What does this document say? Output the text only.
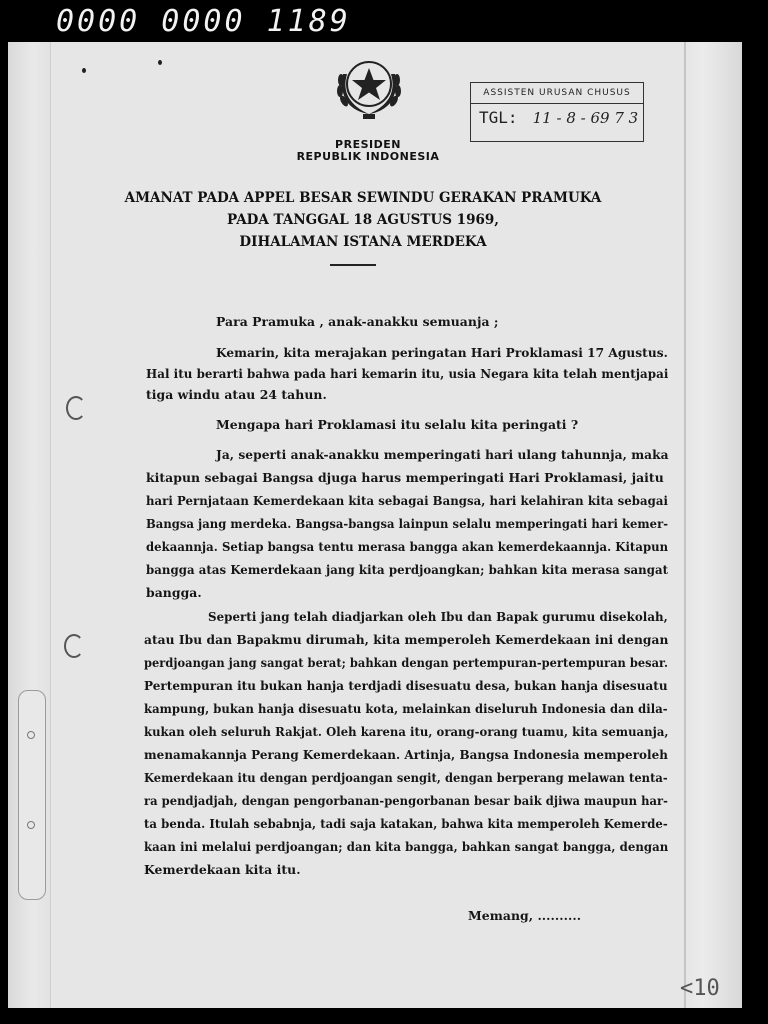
0000 0000 1189
PRESIDEN
REPUBLIK INDONESIA
ASSISTEN URUSAN CHUSUS
TGL: 11 - 8 - 69 7 3
AMANAT PADA APPEL BESAR SEWINDU GERAKAN PRAMUKA
PADA TANGGAL 18 AGUSTUS 1969,
DIHALAMAN ISTANA MERDEKA
Para Pramuka , anak-anakku semuanja ;
Kemarin, kita merajakan peringatan Hari Proklamasi 17 Agustus.
Hal itu berarti bahwa pada hari kemarin itu, usia Negara kita telah mentjapai
tiga windu atau 24 tahun.
Mengapa hari Proklamasi itu selalu kita peringati ?
Ja, seperti anak-anakku memperingati hari ulang tahunnja, maka
kitapun sebagai Bangsa djuga harus memperingati Hari Proklamasi, jaitu
hari Pernjataan Kemerdekaan kita sebagai Bangsa, hari kelahiran kita sebagai
Bangsa jang merdeka. Bangsa-bangsa lainpun selalu memperingati hari kemer-
dekaannja. Setiap bangsa tentu merasa bangga akan kemerdekaannja. Kitapun
bangga atas Kemerdekaan jang kita perdjoangkan; bahkan kita merasa sangat
bangga.
Seperti jang telah diadjarkan oleh Ibu dan Bapak gurumu disekolah,
atau Ibu dan Bapakmu dirumah, kita memperoleh Kemerdekaan ini dengan
perdjoangan jang sangat berat; bahkan dengan pertempuran-pertempuran besar.
Pertempuran itu bukan hanja terdjadi disesuatu desa, bukan hanja disesuatu
kampung, bukan hanja disesuatu kota, melainkan diseluruh Indonesia dan dila-
kukan oleh seluruh Rakjat. Oleh karena itu, orang-orang tuamu, kita semuanja,
menamakannja Perang Kemerdekaan. Artinja, Bangsa Indonesia memperoleh
Kemerdekaan itu dengan perdjoangan sengit, dengan berperang melawan tenta-
ra pendjadjah, dengan pengorbanan-pengorbanan besar baik djiwa maupun har-
ta benda. Itulah sebabnja, tadi saja katakan, bahwa kita memperoleh Kemerde-
kaan ini melalui perdjoangan; dan kita bangga, bahkan sangat bangga, dengan
Kemerdekaan kita itu.
Memang, ..........
<10
